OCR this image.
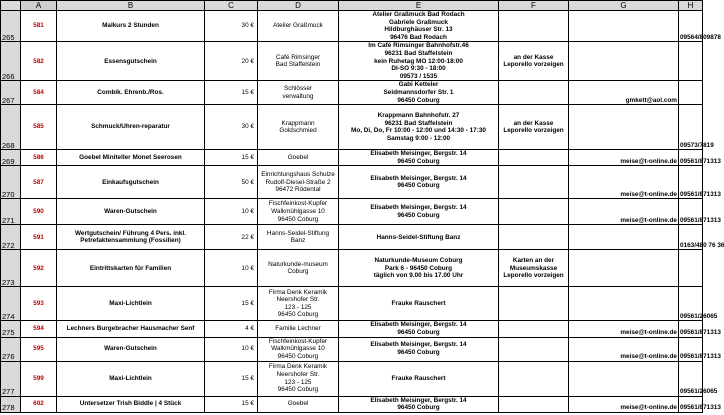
	A	B	C	D	E	F	G	H
265	581	Malkurs 2 Stunden	30 €	Atelier Graßmuck	Atelier Graßmuck Bad Rodach
Gabriele Graßmuck
Hildburghäuser Str. 13
96476 Bad Rodach			09564/809878
266	582	Essensgutschein	20 €	Café Rimsinger
Bad Staffelstein	Im Café Rimsinger Bahnhofstr.46
96231 Bad Staffelstein
kein Ruhetag MO 12:00-18:00
DI-SO 9:30 - 18:00
09573 / 1535	an der Kasse
Leporello vorzeigen		
267	584	Combik. Ehrenb./Ros.	15 €	Schlösser
verwaltung	Gabi Ketteler
Seidmannsdorfer Str. 1
96450 Coburg		gmkett@aol.com	
268	585	Schmuck/Uhren-reparatur	30 €	Krappmann
Goldschmied	Krappmann Bahnhofstr. 27
96231 Bad Staffelstein
Mo, Di, Do, Fr 10:00 - 12:00 und 14:30 - 17:30
Samstag 9:00 - 12:00	an der Kasse
Leporello vorzeigen		09573/7819
269	586	Goebel Miniteller Monet Seerosen	15 €	Goebel	Elisabeth Meisinger, Bergstr. 14
96450 Coburg		meise@t-online.de	09561/871313
270	587	Einkaufsgutschein	50 €	Einrichtungshaus Schulze
Rudolf-Diesel-Straße 2
96472 Rödental	Elisabeth Meisinger, Bergstr. 14
96450 Coburg		meise@t-online.de	09561/871313
271	590	Waren-Gutschein	10 €	Fischfeinkost-Kupfer
Walkmühlgasse 10
96450 Coburg	Elisabeth Meisinger, Bergstr. 14
96450 Coburg		meise@t-online.de	09561/871313
272	591	Wertgutschein/ Führung 4 Pers. inkl. Petrefaktensammlung (Fossilien)	22 €	Hanns-Seidel-Stiftung
Banz	Hanns-Seidel-Stiftung Banz			0163/480 76 36
273	592	Eintrittskarten für Familien	10 €	Naturkunde-museum
Coburg	Naturkunde-Museum Coburg
Park 6 - 96450 Coburg
täglich von 9.00 bis 17.00 Uhr	Karten an der
Museumskasse
Leporello vorzeigen		
274	593	Maxi-Lichtlein	15 €	Firma Denk Keramik
Neershofer Str.
123 - 125
96450 Coburg	Frauke Rauschert			09561/26065
275	594	Lechners Burgebracher Hausmacher Senf	4 €	Familie Lechner	Elisabeth Meisinger, Bergstr. 14
96450 Coburg		meise@t-online.de	09561/871313
276	595	Waren-Gutschein	10 €	Fischfeinkost-Kupfer
Walkmühlgasse 10
96450 Coburg	Elisabeth Meisinger, Bergstr. 14
96450 Coburg		meise@t-online.de	09561/871313
277	599	Maxi-Lichtlein	15 €	Firma Denk Keramik
Neershofer Str.
123 - 125
96450 Coburg	Frauke Rauschert			09561/26065
278	602	Untersetzer Trish Biddle | 4 Stück	15 €	Goebel	Elisabeth Meisinger, Bergstr. 14
96450 Coburg		meise@t-online.de	09561/871313
